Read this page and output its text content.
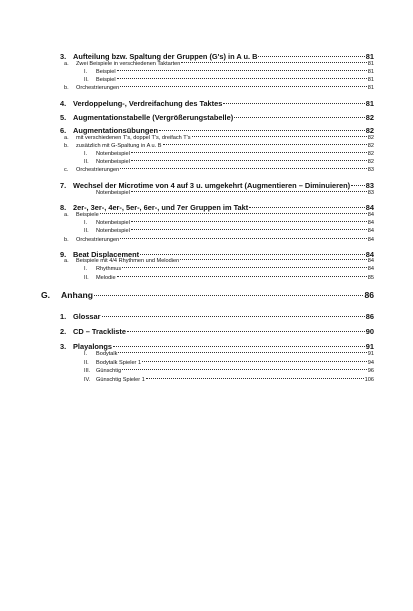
3. Aufteilung bzw. Spaltung der Gruppen (G's) in A u. B	81
a.	Zwei Beispiele in verschiedenen Taktarten	81
I.	Beispiel	81
II.	Beispiel	81
b.	Orchestrierungen	81
4. Verdoppelung-, Verdreifachung des Taktes	81
5. Augmentationstabelle (Vergrößerungstabelle)	82
6. Augmentationsübungen	82
a.	mit verschiedenen T's, doppel T's, dreifach T's	82
b.	zusätzlich mit G-Spaltung in A u. B	82
I.	Notenbeispiel	82
II.	Notenbeispiel	82
c.	Orchestrierungen	83
7. Wechsel der Microtime von 4 auf 3 u. umgekehrt (Augmentieren – Diminuieren) 83
Notenbeispiel	83
8. 2er-, 3er-, 4er-, 5er-, 6er-, und 7er Gruppen im Takt	84
a.	Beispiele	84
I.	Notenbeispiel	84
II.	Notenbeispiel	84
b.	Orchestrierungen	84
9. Beat Displacement	84
a.	Beispiele mit 4/4 Rhythmen und Melodien	84
I.	Rhythmus	84
II.	Melodie	85
G.	Anhang	86
1. Glossar	86
2. CD – Trackliste	90
3. Playalongs	91
I.	Bodytalk	91
II.	Bodytalk Spieler 1	94
III.	Günschtig	96
IV.	Günschtig Spieler 1	106
